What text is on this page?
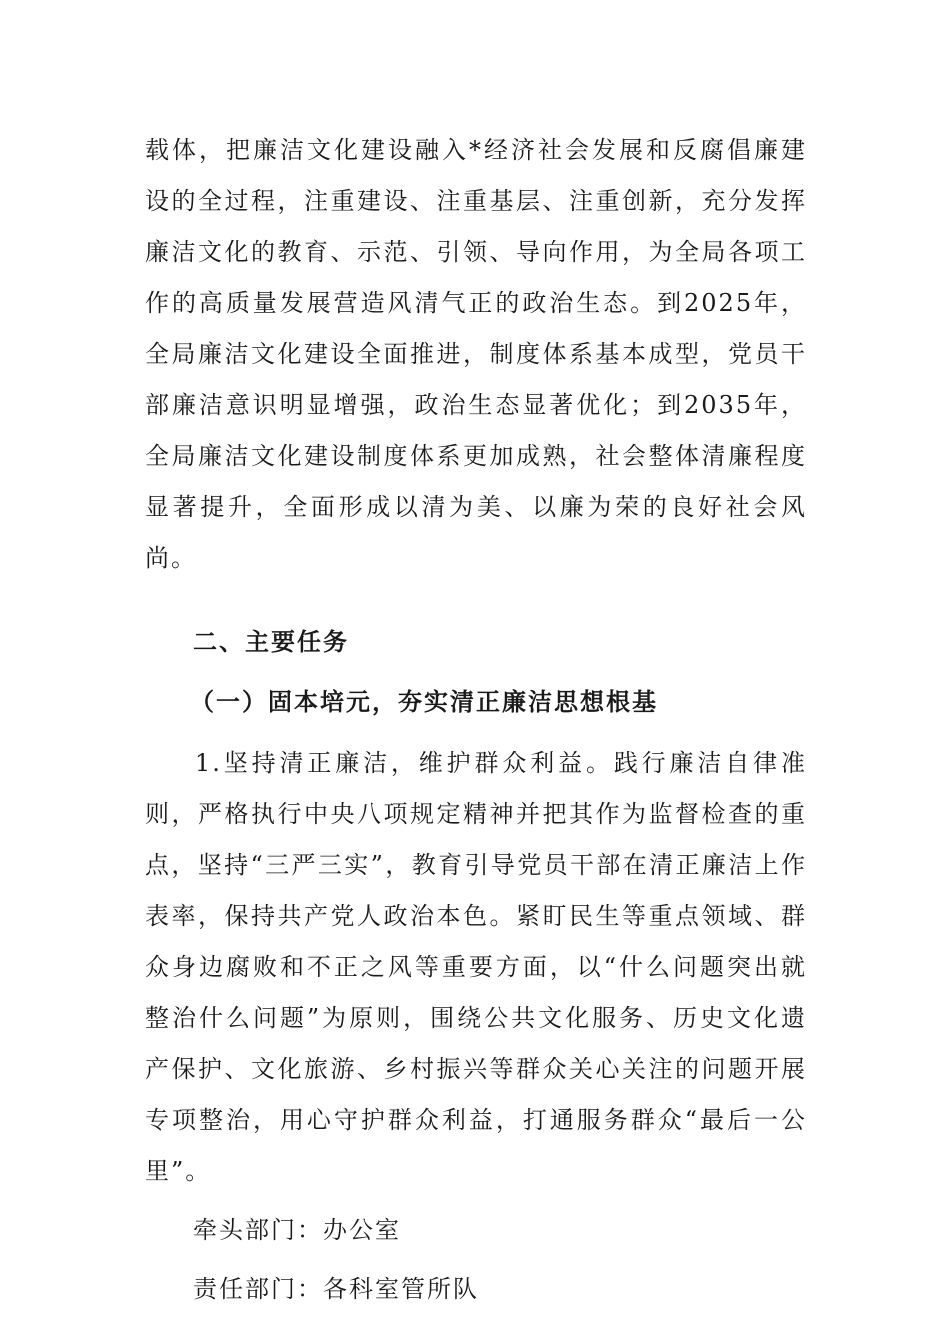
载体，把廉洁文化建设融入*经济社会发展和反腐倡廉建设的全过程，注重建设、注重基层、注重创新，充分发挥廉洁文化的教育、示范、引领、导向作用，为全局各项工作的高质量发展营造风清气正的政治生态。到2025年，全局廉洁文化建设全面推进，制度体系基本成型，党员干部廉洁意识明显增强，政治生态显著优化；到2035年，全局廉洁文化建设制度体系更加成熟，社会整体清廉程度显著提升，全面形成以清为美、以廉为荣的良好社会风尚。

二、主要任务

（一）固本培元，夯实清正廉洁思想根基

1.坚持清正廉洁，维护群众利益。践行廉洁自律准则，严格执行中央八项规定精神并把其作为监督检查的重点，坚持“三严三实”，教育引导党员干部在清正廉洁上作表率，保持共产党人政治本色。紧盯民生等重点领域、群众身边腐败和不正之风等重要方面，以“什么问题突出就整治什么问题”为原则，围绕公共文化服务、历史文化遗产保护、文化旅游、乡村振兴等群众关心关注的问题开展专项整治，用心守护群众利益，打通服务群众“最后一公里”。

牵头部门：办公室

责任部门：各科室管所队
